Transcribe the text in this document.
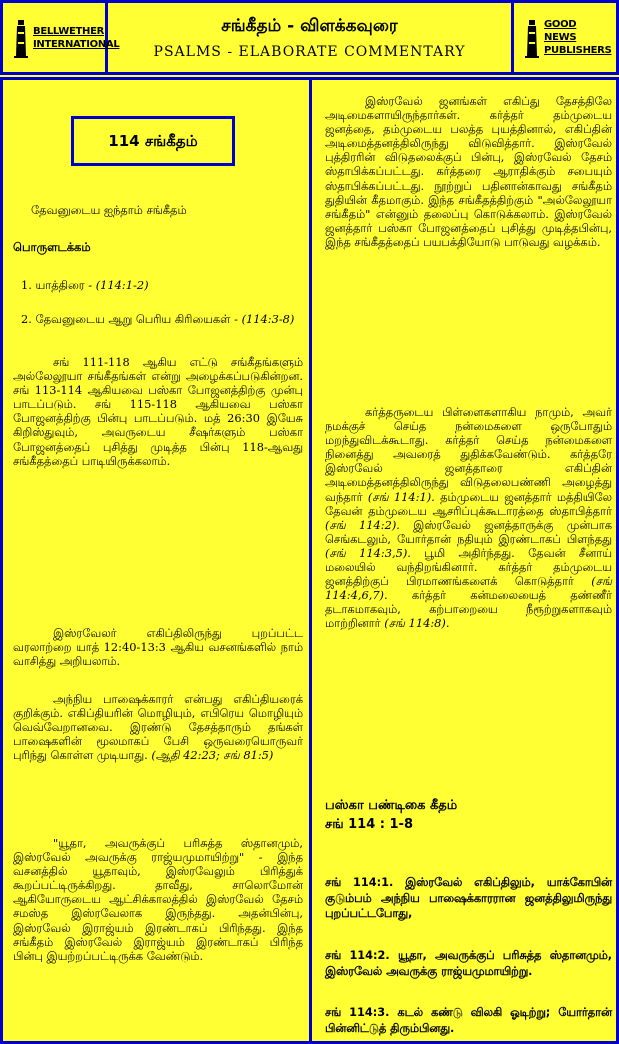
BELLWETHER
INTERNATIONAL
சங்கீதம் - விளக்கவுரை
PSALMS - ELABORATE COMMENTARY
GOOD NEWS
PUBLISHERS
114 சங்கீதம்

தேவனுடைய ஐந்தாம் சங்கீதம்

பொருளடக்கம்

1. யாத்திரை - (114:1-2)

2. தேவனுடைய ஆறு பெரிய கிரியைகள் - (114:3-8)

சங் 111-118 ஆகிய எட்டு சங்கீதங்களும் அல்லேலூயா சங்கீதங்கள் என்று அழைக்கப்படுகின்றன. சங் 113-114 ஆகியவை பஸ்கா போஜனத்திற்கு முன்பு பாடப்படும். சங் 115-118 ஆகியவை பஸ்கா போஜனத்திற்கு பின்பு பாடப்படும். மத் 26:30 இயேசு கிறிஸ்துவும், அவருடைய சீஷர்களும் பஸ்கா போஜனத்தைப் புசித்து முடித்த பின்பு 118-ஆவது சங்கீதத்தைப் பாடியிருக்கலாம்.

இஸ்ரவேலர் எகிப்திலிருந்து புறப்பட்ட வரலாற்றை யாத் 12:40-13:3 ஆகிய வசனங்களில் நாம் வாசித்து அறியலாம்.

அந்நிய பாஷைக்காரர் என்பது எகிப்தியரைக் குறிக்கும். எகிப்தியரின் மொழியும், எபிரெய மொழியும் வெவ்வேறானவை. இரண்டு தேசத்தாரும் தங்கள் பாஷைகளின் மூலமாகப் பேசி ஒருவரையொருவர் புரிந்து கொள்ள முடியாது. (ஆதி 42:23; சங் 81:5)

"யூதா, அவருக்குப் பரிசுத்த ஸ்தானமும், இஸ்ரவேல் அவருக்கு ராஜ்யமுமாயிற்று" - இந்த வசனத்தில் யூதாவும், இஸ்ரவேலும் பிரித்துக் கூறப்பட்டிருக்கிறது. தாவீது, சாலொமோன் ஆகியோருடைய ஆட்சிக்காலத்தில் இஸ்ரவேல் தேசம் சமஸ்த இஸ்ரவேலாக இருந்தது. அதன்பின்பு, இஸ்ரவேல் இராஜ்யம் இரண்டாகப் பிரிந்தது. இந்த சங்கீதம் இஸ்ரவேல் இராஜ்யம் இரண்டாகப் பிரிந்த பின்பு இயற்றப்பட்டிருக்க வேண்டும்.

இஸ்ரவேல் ஜனங்கள் எகிப்து தேசத்திலே அடிமைகளாயிருந்தார்கள். கர்த்தர் தம்முடைய ஜனத்தை, தம்முடைய பலத்த புயத்தினால், எகிப்தின் அடிமைத்தனத்திலிருந்து விடுவித்தார். இஸ்ரவேல் புத்திரரின் விடுதலைக்குப் பின்பு, இஸ்ரவேல் தேசம் ஸ்தாபிக்கப்பட்டது. கர்த்தரை ஆராதிக்கும் சபையும் ஸ்தாபிக்கப்பட்டது. நூற்றுப் பதினான்காவது சங்கீதம் துதியின் கீதமாகும். இந்த சங்கீதத்திற்கும் "அல்லேலூயா சங்கீதம்" என்னும் தலைப்பு கொடுக்கலாம். இஸ்ரவேல் ஜனத்தார் பஸ்கா போஜனத்தைப் புசித்து முடித்தபின்பு, இந்த சங்கீதத்தைப் பயபக்தியோடு பாடுவது வழக்கம்.

கர்த்தருடைய பிள்ளைகளாகிய நாமும், அவர் நமக்குச் செய்த நன்மைகளை ஒருபோதும் மறந்துவிடக்கூடாது. கர்த்தர் செய்த நன்மைகளை நினைத்து அவரைத் துதிக்கவேண்டும். கர்த்தரே இஸ்ரவேல் ஜனத்தாரை எகிப்தின் அடிமைத்தனத்திலிருந்து விடுதலைபண்ணி அழைத்து வந்தார் (சங் 114:1). தம்முடைய ஜனத்தார் மத்தியிலே தேவன் தம்முடைய ஆசரிப்புக்கூடாரத்தை ஸ்தாபித்தார் (சங் 114:2). இஸ்ரவேல் ஜனத்தாருக்கு முன்பாக செங்கடலும், யோர்தான் நதியும் இரண்டாகப் பிளந்தது (சங் 114:3,5). பூமி அதிர்ந்தது. தேவன் சீனாய் மலையில் வந்திறங்கினார். கர்த்தர் தம்முடைய ஜனத்திற்குப் பிரமாணங்களைக் கொடுத்தார் (சங் 114:4,6,7). கர்த்தர் கன்மலையைத் தண்ணீர் தடாகமாகவும், கற்பாறையை நீரூற்றுகளாகவும் மாற்றினார் (சங் 114:8).

பஸ்கா பண்டிகை கீதம்
சங் 114 : 1-8

சங் 114:1. இஸ்ரவேல் எகிப்திலும், யாக்கோபின் குடும்பம் அந்நிய பாஷைக்காரரான ஜனத்திலுமிருந்து புறப்பட்டபோது,

சங் 114:2. யூதா, அவருக்குப் பரிசுத்த ஸ்தானமும், இஸ்ரவேல் அவருக்கு ராஜ்யமுமாயிற்று.

சங் 114:3. கடல் கண்டு விலகி ஓடிற்று; யோர்தான் பின்னிட்டுத் திரும்பினது.
